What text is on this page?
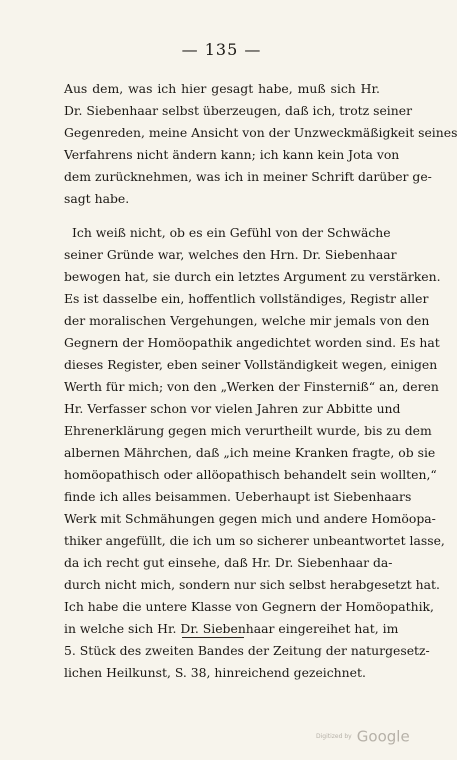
— 135 —
Aus dem, was ich hier gesagt habe, muß sich Hr.
Dr. Siebenhaar selbst überzeugen, daß ich, trotz seiner
Gegenreden, meine Ansicht von der Unzweckmäßigkeit seines
Verfahrens nicht ändern kann; ich kann kein Jota von
dem zurücknehmen, was ich in meiner Schrift darüber ge-
sagt habe.
Ich weiß nicht, ob es ein Gefühl von der Schwäche
seiner Gründe war, welches den Hrn. Dr. Siebenhaar
bewogen hat, sie durch ein letztes Argument zu verstärken.
Es ist dasselbe ein, hoffentlich vollständiges, Registr aller
der moralischen Vergehungen, welche mir jemals von den
Gegnern der Homöopathik angedichtet worden sind. Es hat
dieses Register, eben seiner Vollständigkeit wegen, einigen
Werth für mich; von den „Werken der Finsterniß“ an, deren
Hr. Verfasser schon vor vielen Jahren zur Abbitte und
Ehrenerklärung gegen mich verurtheilt wurde, bis zu dem
albernen Mährchen, daß „ich meine Kranken fragte, ob sie
homöopathisch oder allöopathisch behandelt sein wollten,“
finde ich alles beisammen. Ueberhaupt ist Siebenhaars
Werk mit Schmähungen gegen mich und andere Homöopa-
thiker angefüllt, die ich um so sicherer unbeantwortet lasse,
da ich recht gut einsehe, daß Hr. Dr. Siebenhaar da-
durch nicht mich, sondern nur sich selbst herabgesetzt hat.
Ich habe die untere Klasse von Gegnern der Homöopathik,
in welche sich Hr. Dr. Siebenhaar eingereihet hat, im
5. Stück des zweiten Bandes der Zeitung der naturgesetz-
lichen Heilkunst, S. 38, hinreichend gezeichnet.
Digitized by Google
